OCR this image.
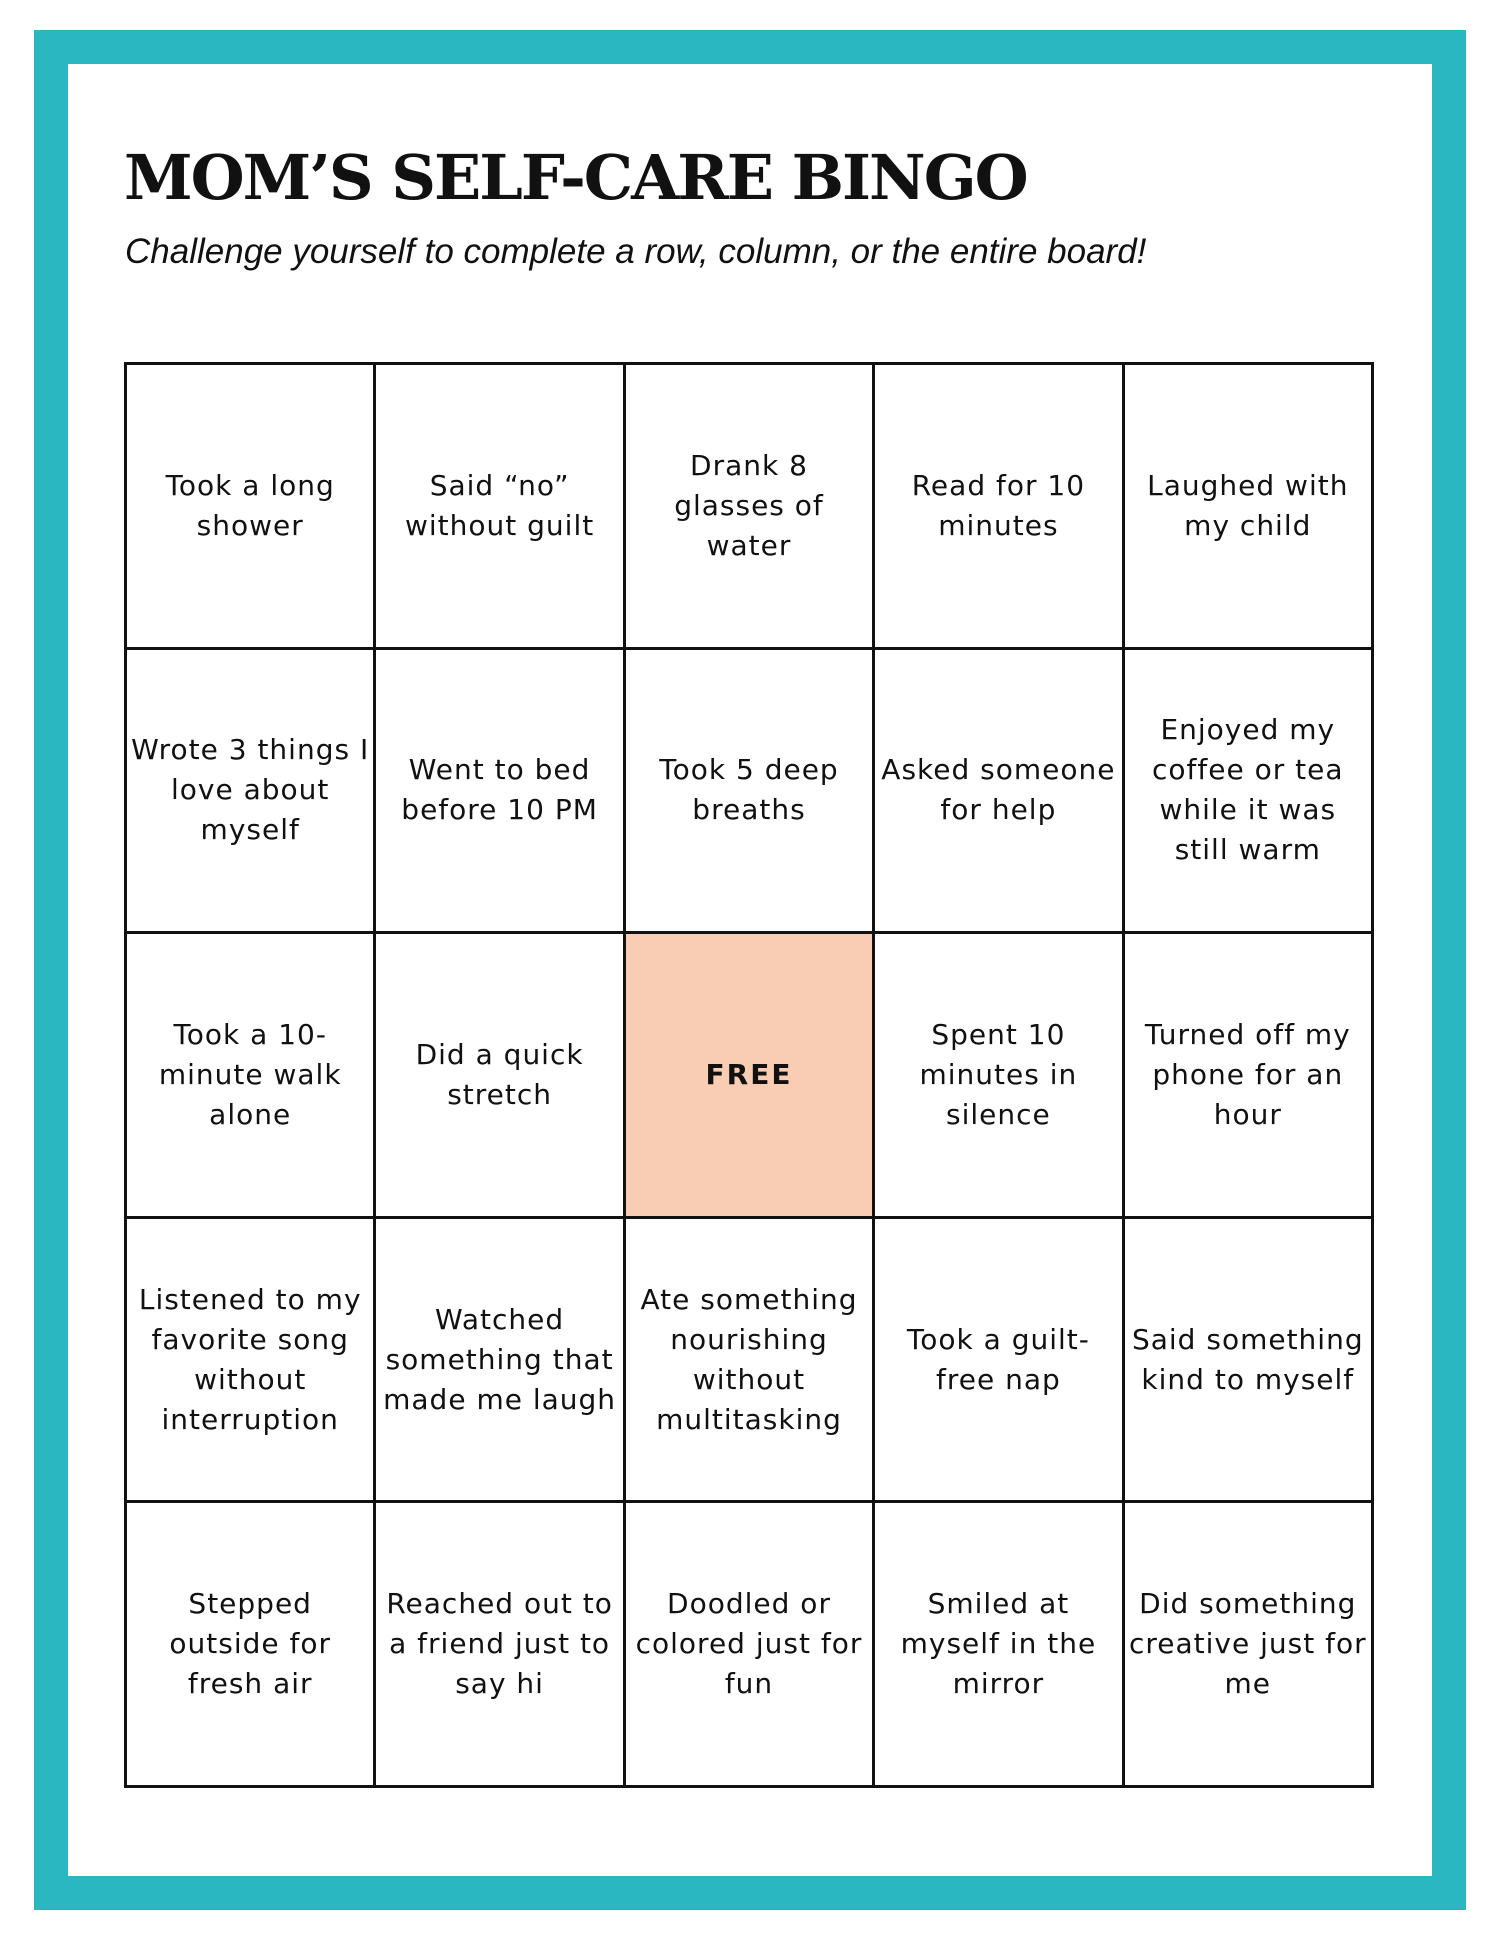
MOM’S SELF-CARE BINGO

Challenge yourself to complete a row, column, or the entire board!

Took a long shower
Said “no” without guilt
Drank 8 glasses of water
Read for 10 minutes
Laughed with my child
Wrote 3 things I love about myself
Went to bed before 10 PM
Took 5 deep breaths
Asked someone for help
Enjoyed my coffee or tea while it was still warm
Took a 10-minute walk alone
Did a quick stretch
FREE
Spent 10 minutes in silence
Turned off my phone for an hour
Listened to my favorite song without interruption
Watched something that made me laugh
Ate something nourishing without multitasking
Took a guilt-free nap
Said something kind to myself
Stepped outside for fresh air
Reached out to a friend just to say hi
Doodled or colored just for fun
Smiled at myself in the mirror
Did something creative just for me
